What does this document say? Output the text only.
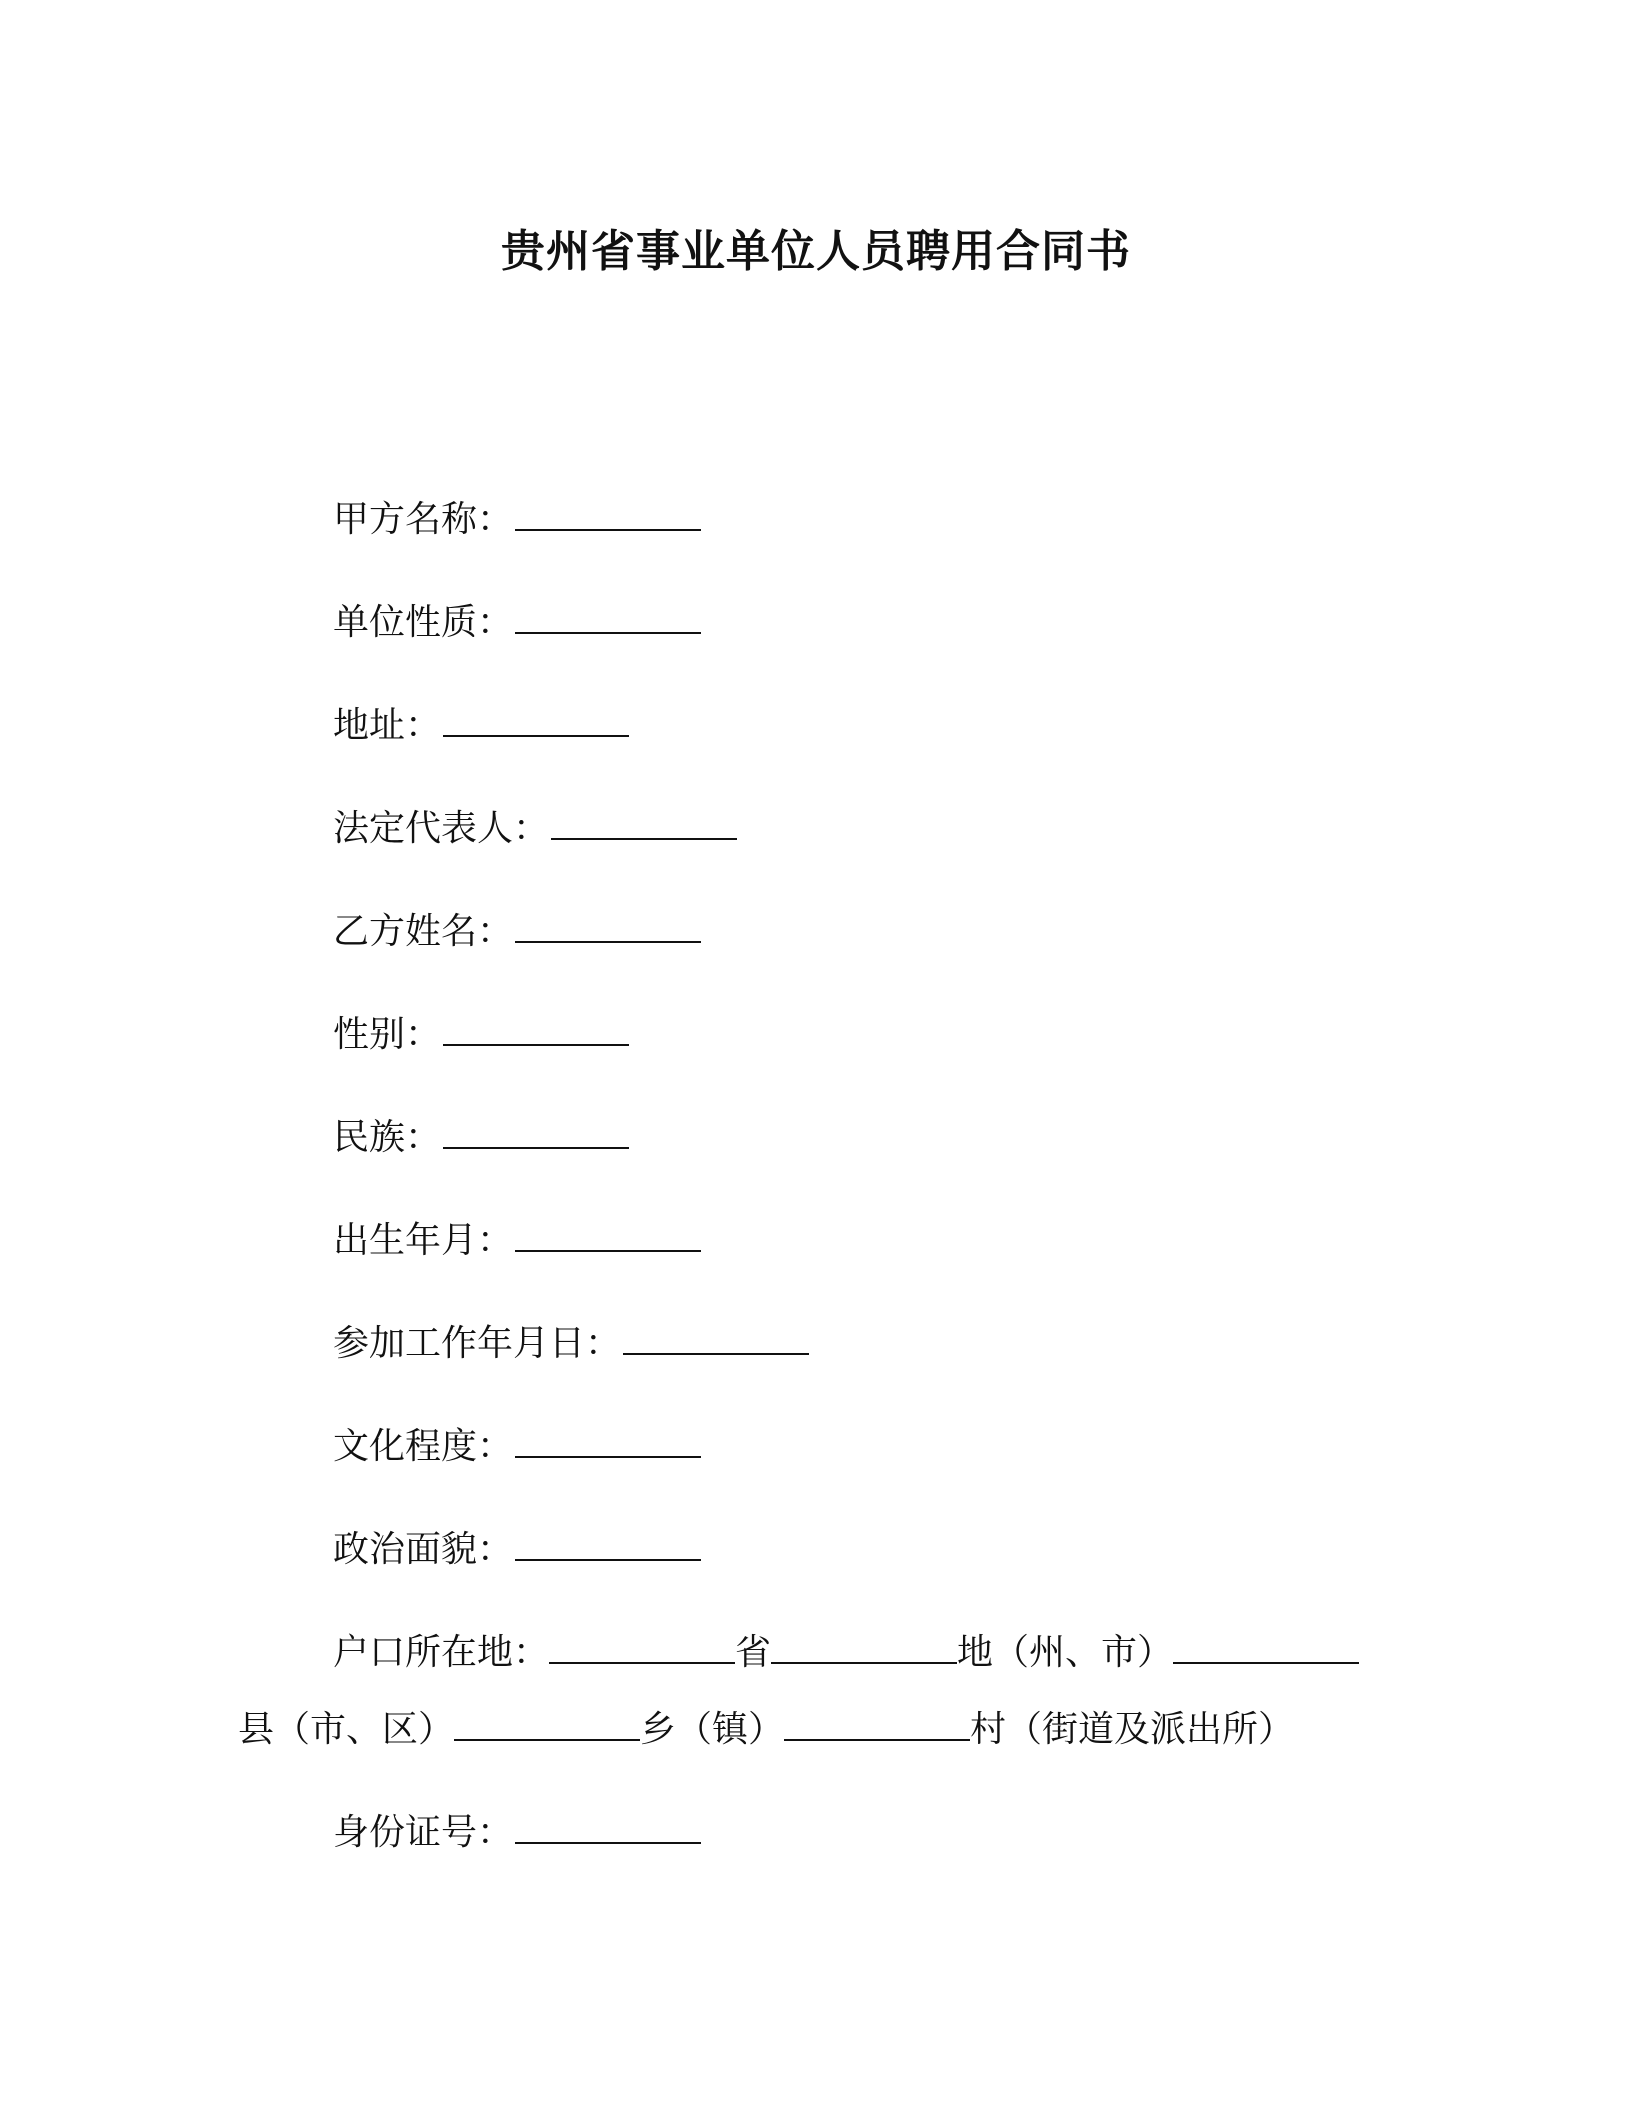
贵州省事业单位人员聘用合同书
甲方名称：
单位性质：
地址：
法定代表人：
乙方姓名：
性别：
民族：
出生年月：
参加工作年月日：
文化程度：
政治面貌：
户口所在地：	省	地（州、市）
县（市、区）	乡（镇）	村（街道及派出所）
身份证号：
